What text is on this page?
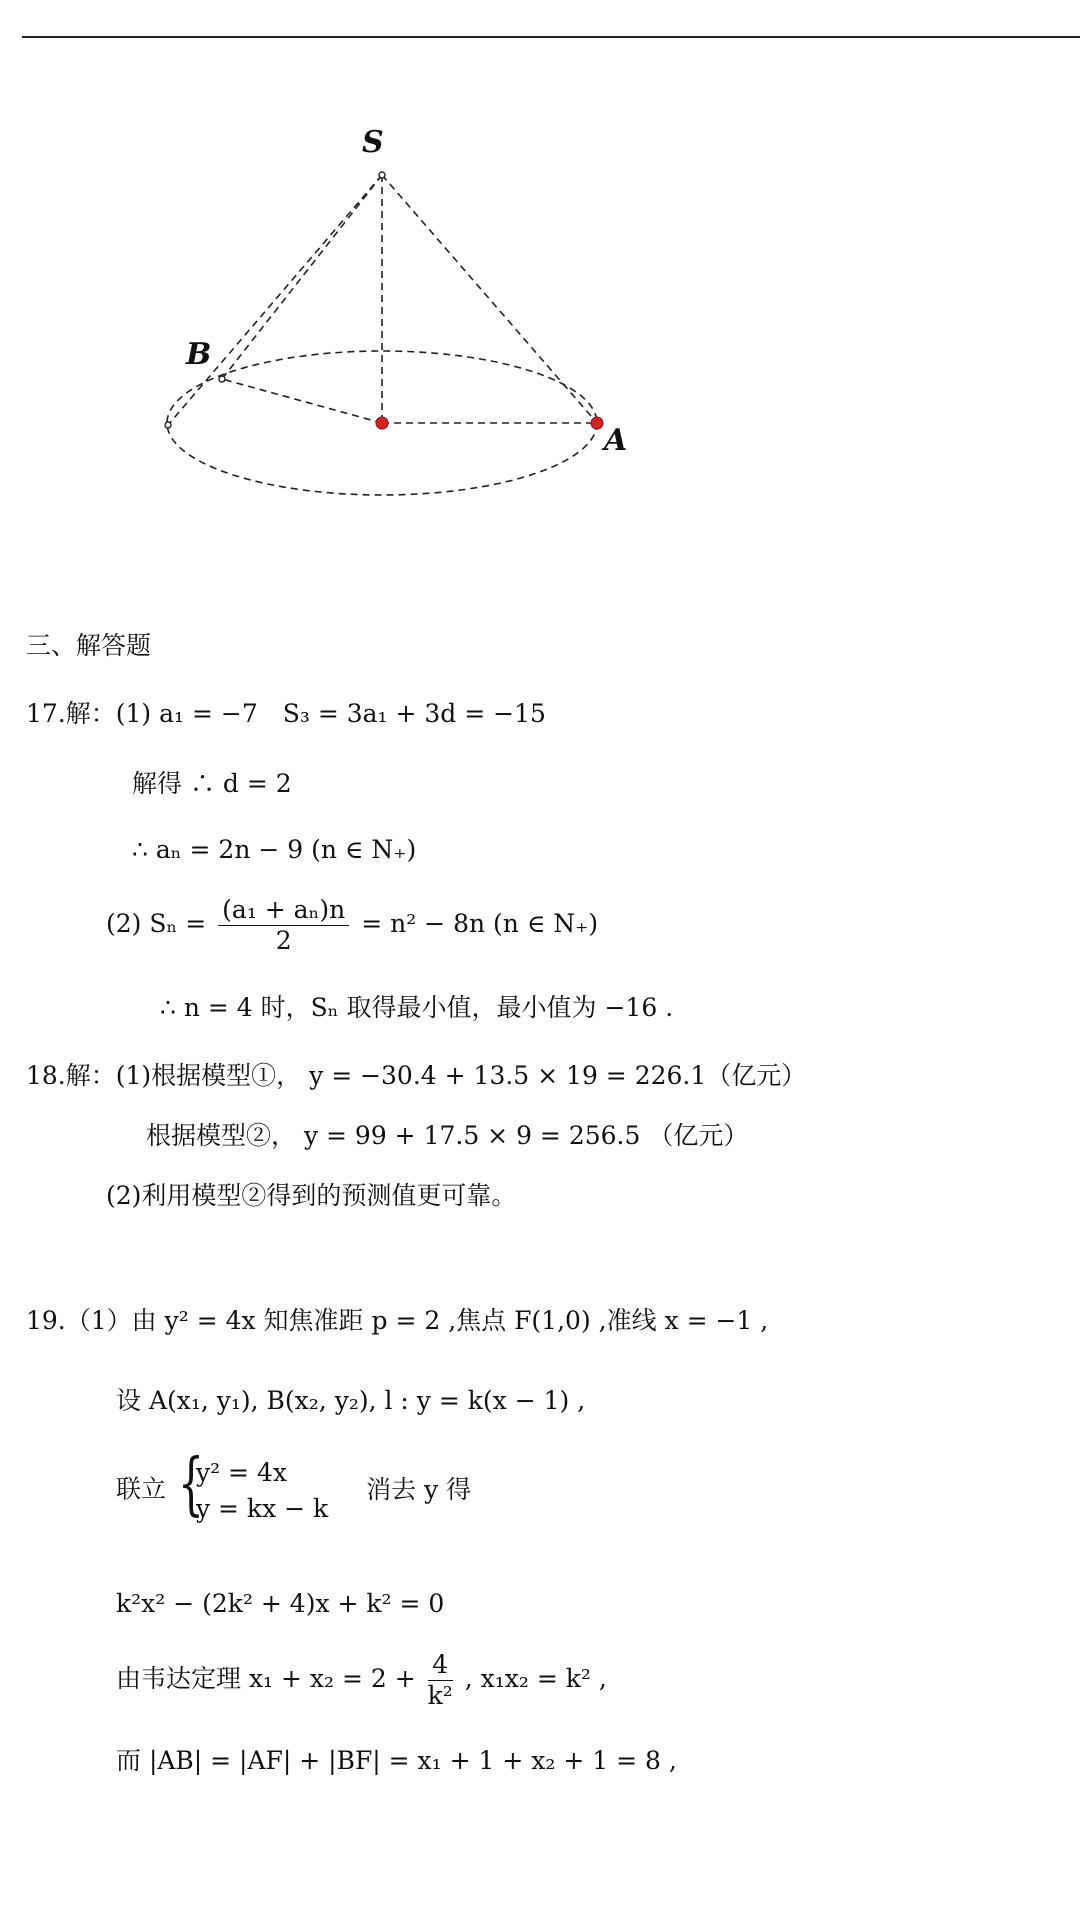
S
B
A
三、解答题
17.解：(1) a₁ = −7　S₃ = 3a₁ + 3d = −15
解得 ∴ d = 2
∴ aₙ = 2n − 9 (n ∈ N₊)
(2) $S_n = \frac{\text{(a₁ + aₙ)n}}{2} = n^2 - 8n$ (n ∈ N₊)
∴ n = 4 时，Sₙ 取得最小值，最小值为 −16 .
18.解：(1)根据模型①， y = −30.4 + 13.5 × 19 = 226.1（亿元）
根据模型②， y = 99 + 17.5 × 9 = 256.5 （亿元）
(2)利用模型②得到的预测值更可靠。
19.（1）由 y² = 4x 知焦准距 p = 2 ,焦点 F(1,0) ,准线 x = −1 ,
设 A(x₁, y₁), B(x₂, y₂), l : y = k(x − 1) ,
联立 {
y² = 4x
y = kx − k
消去 y 得
k²x² − (2k² + 4)x + k² = 0
由韦达定理 $x_1 + x_2 = 2 + \frac{4}{\text{k²}}$ , x₁x₂ = k² ,
而 |AB| = |AF| + |BF| = x₁ + 1 + x₂ + 1 = 8 ,
